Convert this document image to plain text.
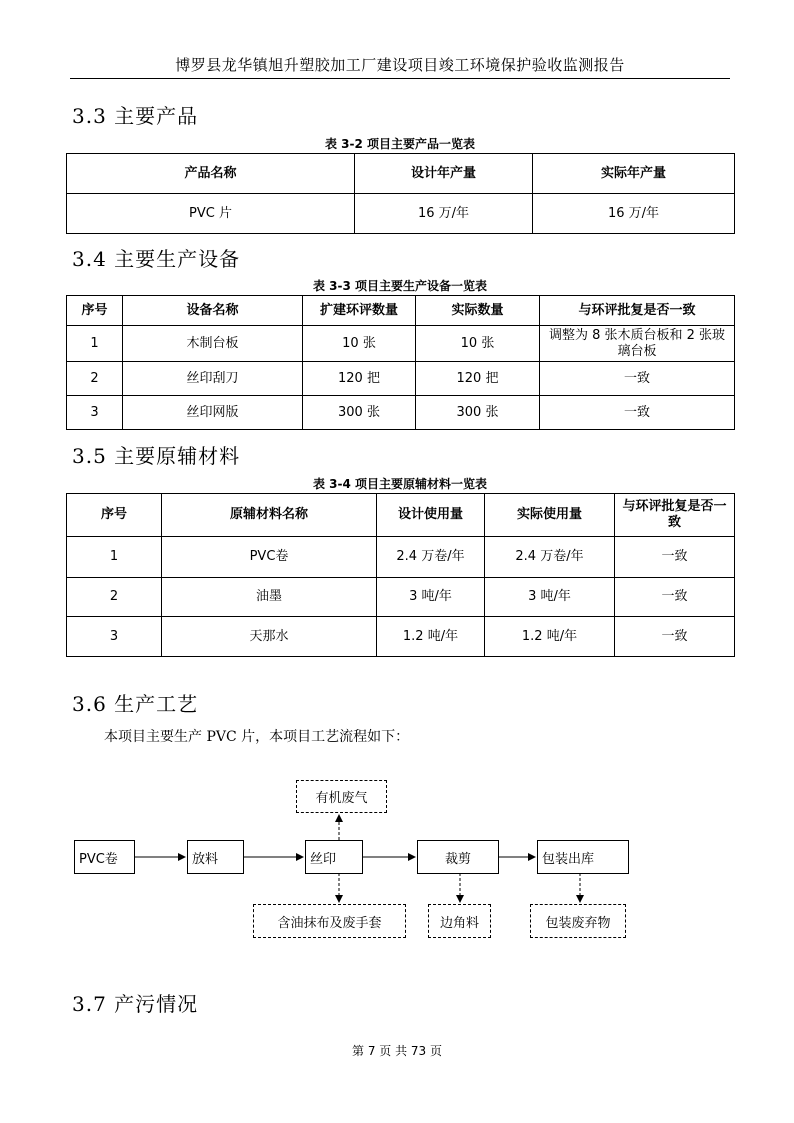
博罗县龙华镇旭升塑胶加工厂建设项目竣工环境保护验收监测报告
3.3 主要产品
表 3-2 项目主要产品一览表
产品名称	设计年产量	实际年产量
PVC 片	16 万/年	16 万/年
3.4 主要生产设备
表 3-3 项目主要生产设备一览表
序号	设备名称	扩建环评数量	实际数量	与环评批复是否一致
1	木制台板	10 张	10 张	调整为 8 张木质台板和 2 张玻璃台板
2	丝印刮刀	120 把	120 把	一致
3	丝印网版	300 张	300 张	一致
3.5 主要原辅材料
表 3-4 项目主要原辅材料一览表
序号	原辅材料名称	设计使用量	实际使用量	与环评批复是否一致
1	PVC卷	2.4 万卷/年	2.4 万卷/年	一致
2	油墨	3 吨/年	3 吨/年	一致
3	天那水	1.2 吨/年	1.2 吨/年	一致
3.6 生产工艺
本项目主要生产 PVC 片，本项目工艺流程如下：
PVC卷	放料	丝印	裁剪	包装出库
有机废气
含油抹布及废手套	边角料	包装废弃物
3.7 产污情况
第 7 页 共 73 页
